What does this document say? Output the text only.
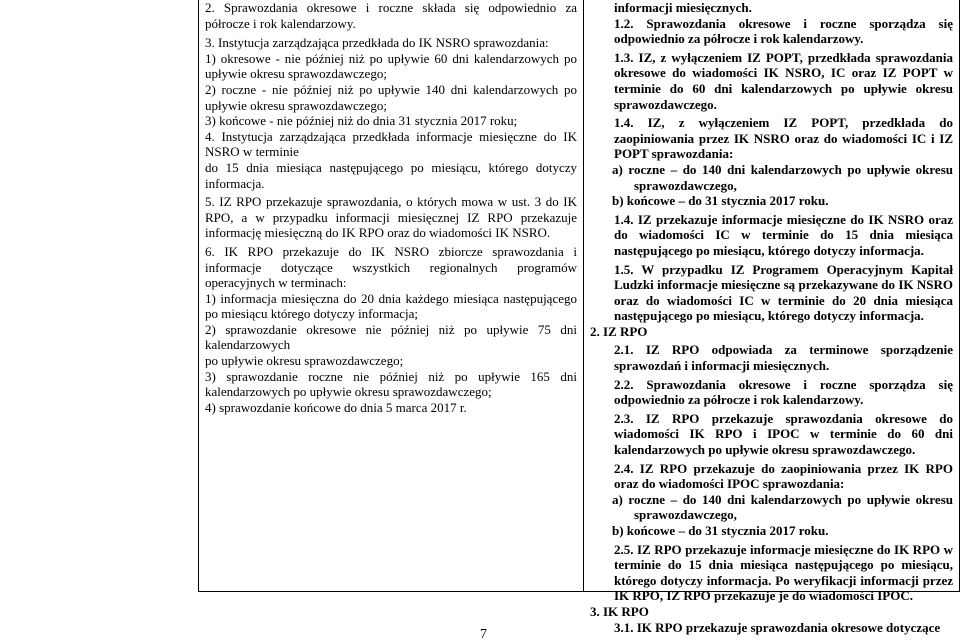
2. Sprawozdania okresowe i roczne składa się odpowiednio za półrocze i rok kalendarzowy.

3. Instytucja zarządzająca przedkłada do IK NSRO sprawozdania:

1) okresowe - nie później niż po upływie 60 dni kalendarzowych po upływie okresu sprawozdawczego;

2) roczne - nie później niż po upływie 140 dni kalendarzowych po upływie okresu sprawozdawczego;

3) końcowe - nie później niż do dnia 31 stycznia 2017 roku;

4. Instytucja zarządzająca przedkłada informacje miesięczne do IK NSRO w terminie

do 15 dnia miesiąca następującego po miesiącu, którego dotyczy informacja.

5. IZ RPO przekazuje sprawozdania, o których mowa w ust. 3 do IK RPO, a w przypadku informacji miesięcznej IZ RPO przekazuje informację miesięczną do IK RPO oraz do wiadomości IK NSRO.

6. IK RPO przekazuje do IK NSRO zbiorcze sprawozdania i informacje dotyczące wszystkich regionalnych programów operacyjnych w terminach:

1) informacja miesięczna do 20 dnia każdego miesiąca następującego po miesiącu którego dotyczy informacja;

2) sprawozdanie okresowe nie później niż po upływie 75 dni kalendarzowych

po upływie okresu sprawozdawczego;

3) sprawozdanie roczne nie później niż po upływie 165 dni kalendarzowych po upływie okresu sprawozdawczego;

4) sprawozdanie końcowe do dnia 5 marca 2017 r.

informacji miesięcznych.

1.2. Sprawozdania okresowe i roczne sporządza się odpowiednio za półrocze i rok kalendarzowy.

1.3. IZ, z wyłączeniem IZ POPT, przedkłada sprawozdania okresowe do wiadomości IK NSRO, IC oraz IZ POPT w terminie do 60 dni kalendarzowych po upływie okresu sprawozdawczego.

1.4. IZ, z wyłączeniem IZ POPT, przedkłada do zaopiniowania przez IK NSRO oraz do wiadomości IC i IZ POPT sprawozdania:

a) roczne – do 140 dni kalendarzowych po upływie okresu sprawozdawczego,

b) końcowe – do 31 stycznia 2017 roku.

1.4. IZ przekazuje informacje miesięczne do IK NSRO oraz do wiadomości IC w terminie do 15 dnia miesiąca następującego po miesiącu, którego dotyczy informacja.

1.5. W przypadku IZ Programem Operacyjnym Kapitał Ludzki informacje miesięczne są przekazywane do IK NSRO oraz do wiadomości IC w terminie do 20 dnia miesiąca następującego po miesiącu, którego dotyczy informacja.

2. IZ RPO

2.1. IZ RPO odpowiada za terminowe sporządzenie sprawozdań i informacji miesięcznych.

2.2. Sprawozdania okresowe i roczne sporządza się odpowiednio za półrocze i rok kalendarzowy.

2.3. IZ RPO przekazuje sprawozdania okresowe do wiadomości IK RPO i IPOC w terminie do 60 dni kalendarzowych po upływie okresu sprawozdawczego.

2.4. IZ RPO przekazuje do zaopiniowania przez IK RPO oraz do wiadomości IPOC sprawozdania:

a) roczne – do 140 dni kalendarzowych po upływie okresu sprawozdawczego,

b) końcowe – do 31 stycznia 2017 roku.

2.5. IZ RPO przekazuje informacje miesięczne do IK RPO w terminie do 15 dnia miesiąca następującego po miesiącu, którego dotyczy informacja. Po weryfikacji informacji przez IK RPO, IZ RPO przekazuje je do wiadomości IPOC.

3. IK RPO

3.1. IK RPO przekazuje sprawozdania okresowe dotyczące

7
